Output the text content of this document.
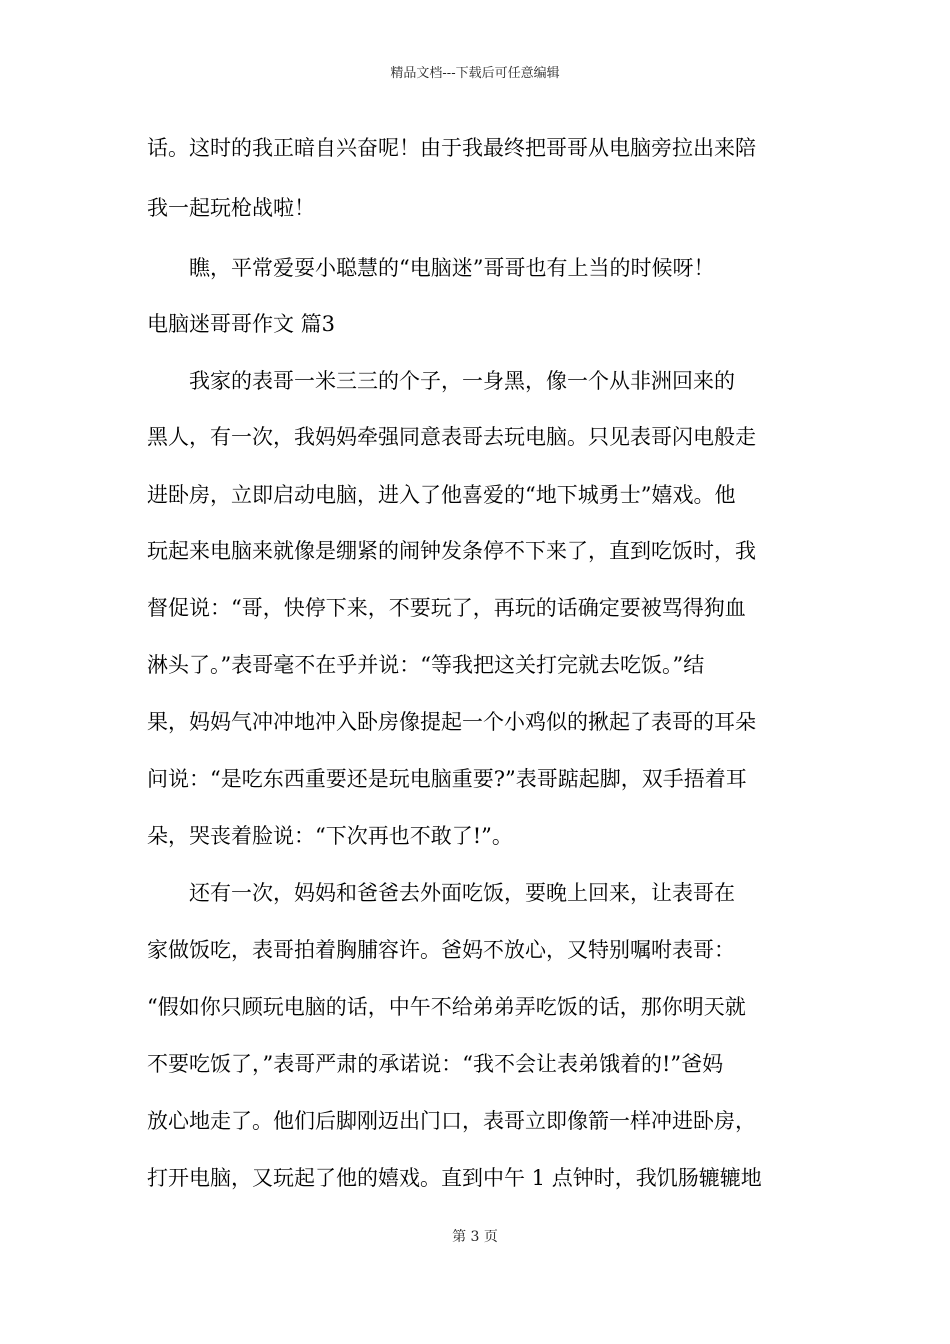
精品文档---下载后可任意编辑
话。这时的我正暗自兴奋呢！由于我最终把哥哥从电脑旁拉出来陪
我一起玩枪战啦！
　　瞧，平常爱耍小聪慧的“电脑迷”哥哥也有上当的时候呀！
电脑迷哥哥作文 篇3
　　我家的表哥一米三三的个子，一身黑，像一个从非洲回来的
黑人，有一次，我妈妈牵强同意表哥去玩电脑。只见表哥闪电般走
进卧房，立即启动电脑，进入了他喜爱的“地下城勇士”嬉戏。他
玩起来电脑来就像是绷紧的闹钟发条停不下来了，直到吃饭时，我
督促说：“哥，快停下来，不要玩了，再玩的话确定要被骂得狗血
淋头了。”表哥毫不在乎并说：“等我把这关打完就去吃饭。”结
果，妈妈气冲冲地冲入卧房像提起一个小鸡似的揪起了表哥的耳朵
问说：“是吃东西重要还是玩电脑重要?”表哥踮起脚，双手捂着耳
朵，哭丧着脸说：“下次再也不敢了!”。
　　还有一次，妈妈和爸爸去外面吃饭，要晚上回来，让表哥在
家做饭吃，表哥拍着胸脯容许。爸妈不放心，又特别嘱咐表哥：
“假如你只顾玩电脑的话，中午不给弟弟弄吃饭的话，那你明天就
不要吃饭了，”表哥严肃的承诺说：“我不会让表弟饿着的!”爸妈
放心地走了。他们后脚刚迈出门口，表哥立即像箭一样冲进卧房，
打开电脑，又玩起了他的嬉戏。直到中午 1 点钟时，我饥肠辘辘地
第 3 页
